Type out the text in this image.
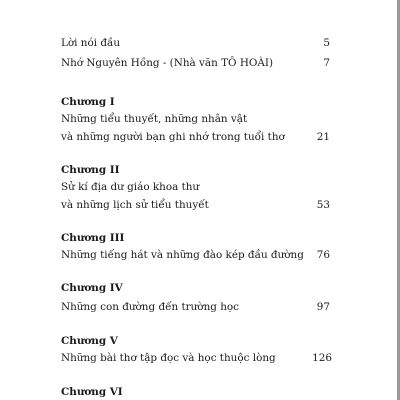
Lời nói đầu	5
Nhớ Nguyên Hồng - (Nhà văn TÔ HOÀI)	7
Chương I
Những tiểu thuyết, những nhân vật
và những người bạn ghi nhớ trong tuổi thơ	21
Chương II
Sử kí địa dư giáo khoa thư
và những lịch sử tiểu thuyết	53
Chương III
Những tiếng hát và những đào kép đầu đường	76
Chương IV
Những con đường đến trường học	97
Chương V
Những bài thơ tập đọc và học thuộc lòng	126
Chương VI
